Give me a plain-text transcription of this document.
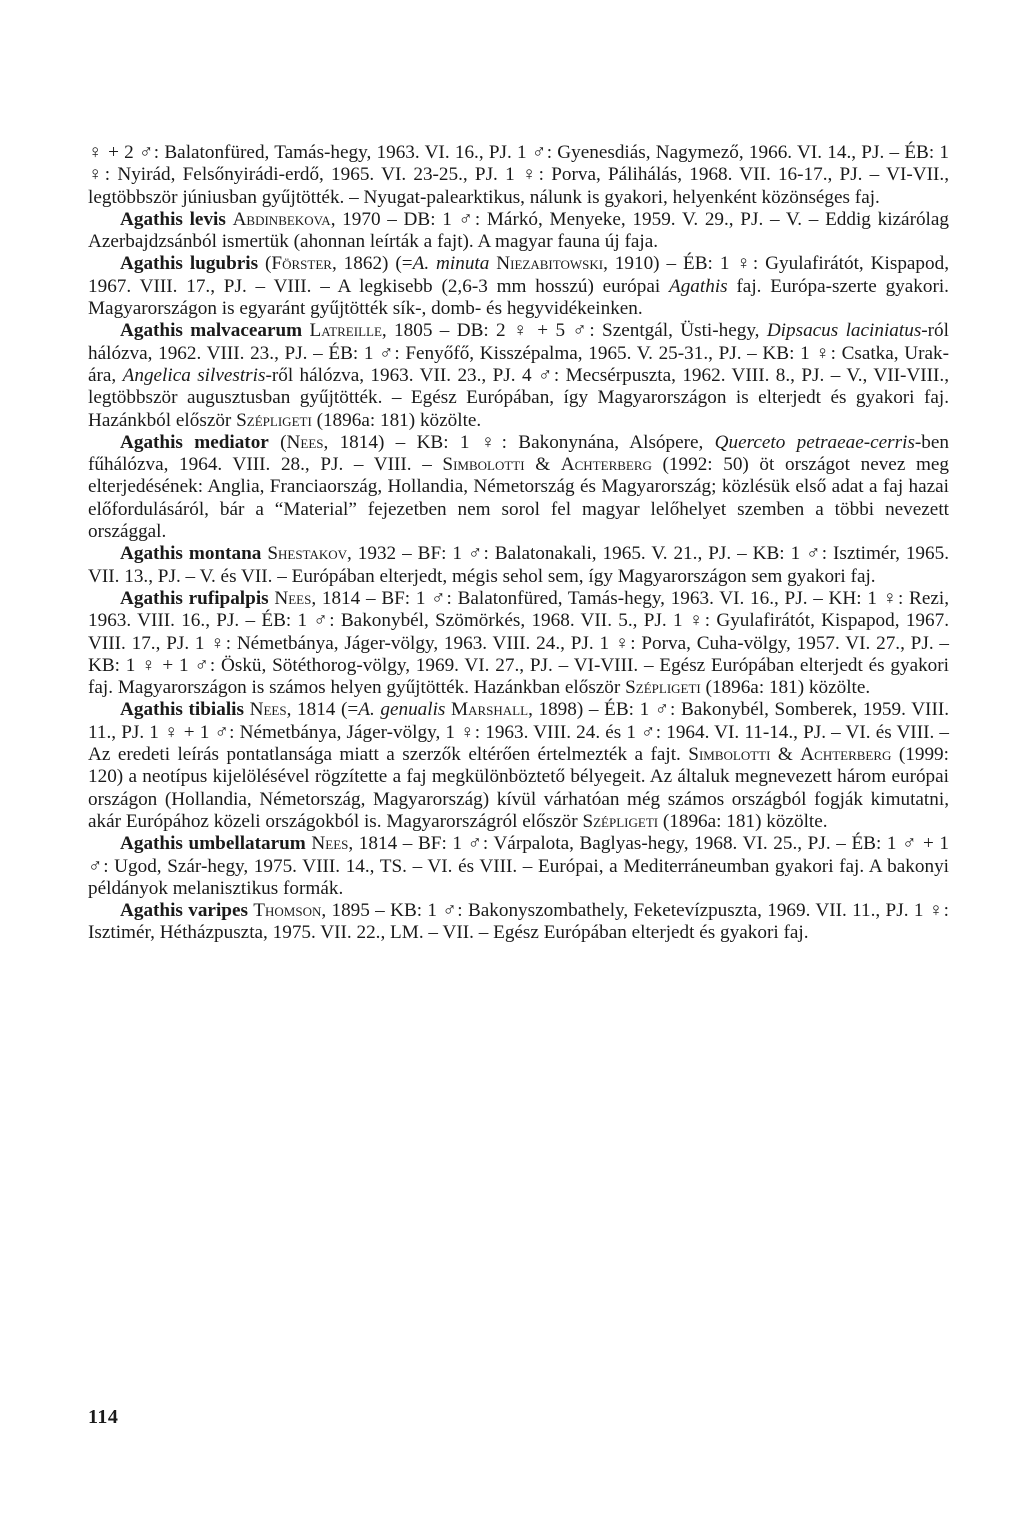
♀ + 2 ♂: Balatonfüred, Tamás-hegy, 1963. VI. 16., PJ. 1 ♂: Gyenesdiás, Nagymező, 1966. VI. 14., PJ. – ÉB: 1 ♀: Nyirád, Felsőnyirádi-erdő, 1965. VI. 23-25., PJ. 1 ♀: Porva, Pálihálás, 1968. VII. 16-17., PJ. – VI-VII., legtöbbször júniusban gyűjtötték. – Nyugat-palearktikus, nálunk is gyakori, helyenként közönséges faj.

Agathis levis Abdinbekova, 1970 – DB: 1 ♂: Márkó, Menyeke, 1959. V. 29., PJ. – V. – Eddig kizárólag Azerbajdzsánból ismertük (ahonnan leírták a fajt). A magyar fauna új faja.

Agathis lugubris (Förster, 1862) (=A. minuta Niezabitowski, 1910) – ÉB: 1 ♀: Gyulafirátót, Kispapod, 1967. VIII. 17., PJ. – VIII. – A legkisebb (2,6-3 mm hosszú) európai Agathis faj. Európa-szerte gyakori. Magyarországon is egyaránt gyűjtötték sík-, domb- és hegyvidékeinken.

Agathis malvacearum Latreille, 1805 – DB: 2 ♀ + 5 ♂: Szentgál, Üsti-hegy, Dipsacus laciniatus-ról hálózva, 1962. VIII. 23., PJ. – ÉB: 1 ♂: Fenyőfő, Kisszépalma, 1965. V. 25-31., PJ. – KB: 1 ♀: Csatka, Urak-ára, Angelica silvestris-ről hálózva, 1963. VII. 23., PJ. 4 ♂: Mecsérpuszta, 1962. VIII. 8., PJ. – V., VII-VIII., legtöbbször augusztusban gyűjtötték. – Egész Európában, így Magyarországon is elterjedt és gyakori faj. Hazánkból először Szépligeti (1896a: 181) közölte.

Agathis mediator (Nees, 1814) – KB: 1 ♀: Bakonynána, Alsópere, Querceto petraeae-cerris-ben fűhálózva, 1964. VIII. 28., PJ. – VIII. – Simbolotti & Achterberg (1992: 50) öt országot nevez meg elterjedésének: Anglia, Franciaország, Hollandia, Németország és Magyarország; közlésük első adat a faj hazai előfordulásáról, bár a “Material” fejezetben nem sorol fel magyar lelőhelyet szemben a többi nevezett országgal.

Agathis montana Shestakov, 1932 – BF: 1 ♂: Balatonakali, 1965. V. 21., PJ. – KB: 1 ♂: Isztimér, 1965. VII. 13., PJ. – V. és VII. – Európában elterjedt, mégis sehol sem, így Magyarországon sem gyakori faj.

Agathis rufipalpis Nees, 1814 – BF: 1 ♂: Balatonfüred, Tamás-hegy, 1963. VI. 16., PJ. – KH: 1 ♀: Rezi, 1963. VIII. 16., PJ. – ÉB: 1 ♂: Bakonybél, Szömörkés, 1968. VII. 5., PJ. 1 ♀: Gyulafirátót, Kispapod, 1967. VIII. 17., PJ. 1 ♀: Németbánya, Jáger-völgy, 1963. VIII. 24., PJ. 1 ♀: Porva, Cuha-völgy, 1957. VI. 27., PJ. – KB: 1 ♀ + 1 ♂: Öskü, Sötéthorog-völgy, 1969. VI. 27., PJ. – VI-VIII. – Egész Európában elterjedt és gyakori faj. Magyarországon is számos helyen gyűjtötték. Hazánkban először Szépligeti (1896a: 181) közölte.

Agathis tibialis Nees, 1814 (=A. genualis Marshall, 1898) – ÉB: 1 ♂: Bakonybél, Somberek, 1959. VIII. 11., PJ. 1 ♀ + 1 ♂: Németbánya, Jáger-völgy, 1 ♀: 1963. VIII. 24. és 1 ♂: 1964. VI. 11-14., PJ. – VI. és VIII. – Az eredeti leírás pontatlansága miatt a szerzők eltérően értelmezték a fajt. Simbolotti & Achterberg (1999: 120) a neotípus kijelölésével rögzítette a faj megkülönböztető bélyegeit. Az általuk megnevezett három európai országon (Hollandia, Németország, Magyarország) kívül várhatóan még számos országból fogják kimutatni, akár Európához közeli országokból is. Magyarországról először Szépligeti (1896a: 181) közölte.

Agathis umbellatarum Nees, 1814 – BF: 1 ♂: Várpalota, Baglyas-hegy, 1968. VI. 25., PJ. – ÉB: 1 ♂ + 1 ♂: Ugod, Szár-hegy, 1975. VIII. 14., TS. – VI. és VIII. – Európai, a Mediterráneumban gyakori faj. A bakonyi példányok melanisztikus formák.

Agathis varipes Thomson, 1895 – KB: 1 ♂: Bakonyszombathely, Feketevízpuszta, 1969. VII. 11., PJ. 1 ♀: Isztimér, Hétházpuszta, 1975. VII. 22., LM. – VII. – Egész Európában elterjedt és gyakori faj.

114
